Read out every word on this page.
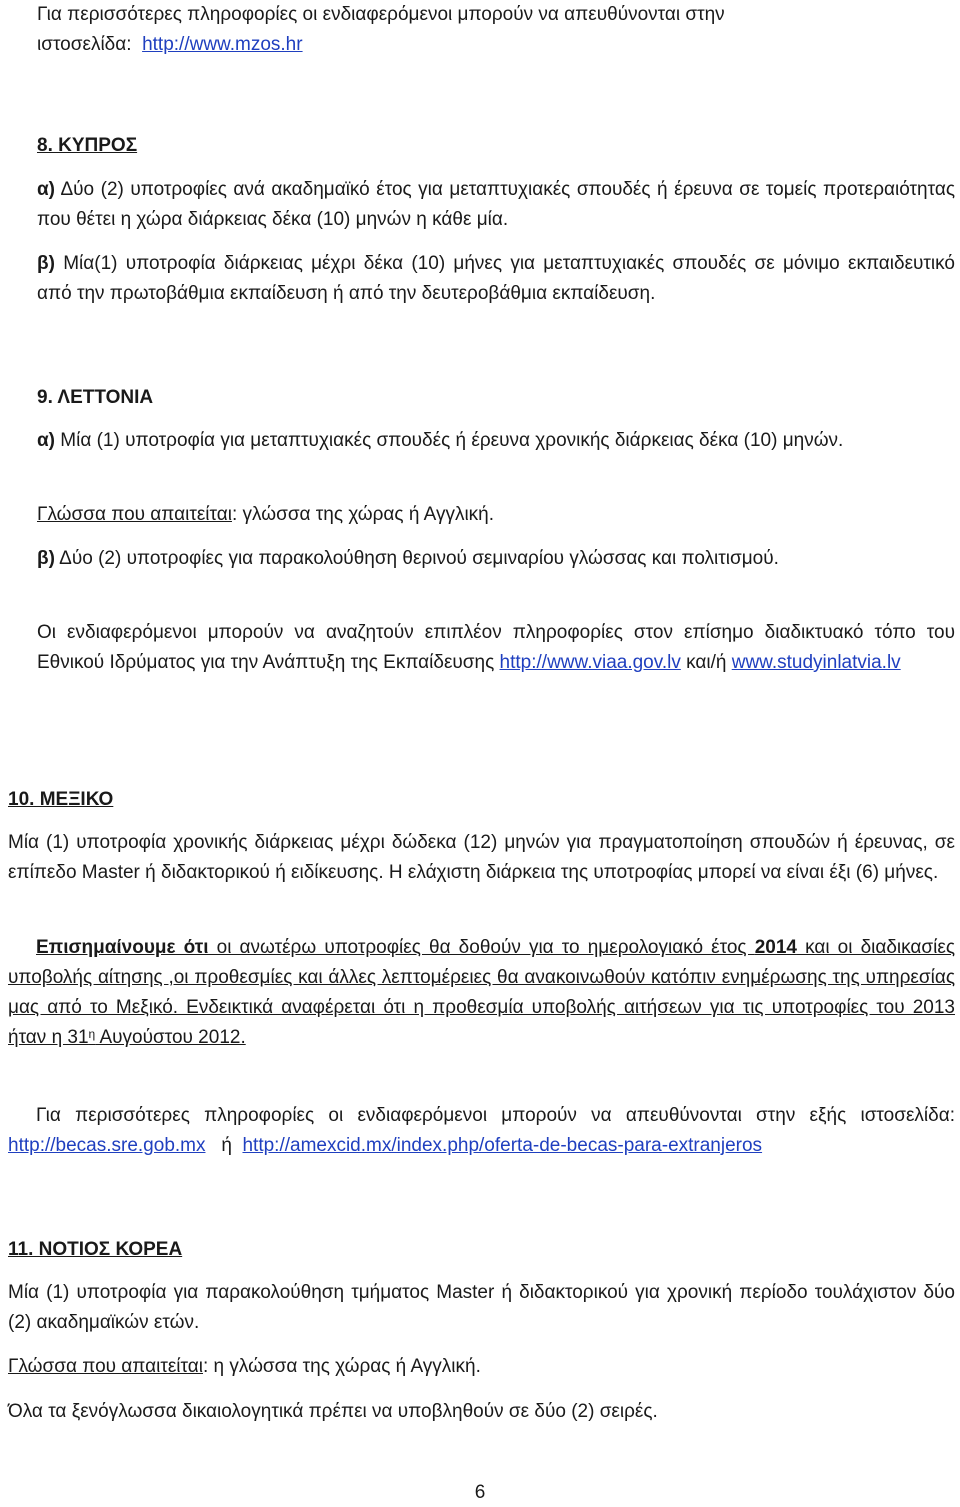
Για περισσότερες πληροφορίες οι ενδιαφερόμενοι μπορούν να απευθύνονται στην

ιστοσελίδα: http://www.mzos.hr

8. ΚΥΠΡΟΣ

α) Δύο (2) υποτροφίες ανά ακαδημαϊκό έτος για μεταπτυχιακές σπουδές ή έρευνα σε τομείς προτεραιότητας που θέτει η χώρα διάρκειας δέκα (10) μηνών η κάθε μία.

β) Μία(1) υποτροφία διάρκειας μέχρι δέκα (10) μήνες για μεταπτυχιακές σπουδές σε μόνιμο εκπαιδευτικό από την πρωτοβάθμια εκπαίδευση ή από την δευτεροβάθμια εκπαίδευση.

9. ΛΕΤΤΟΝΙΑ

α) Μία (1) υποτροφία για μεταπτυχιακές σπουδές ή έρευνα χρονικής διάρκειας δέκα (10) μηνών.

Γλώσσα που απαιτείται: γλώσσα της χώρας ή Αγγλική.

β) Δύο (2) υποτροφίες για παρακολούθηση θερινού σεμιναρίου γλώσσας και πολιτισμού.

Οι ενδιαφερόμενοι μπορούν να αναζητούν επιπλέον πληροφορίες στον επίσημο διαδικτυακό τόπο του Εθνικού Ιδρύματος για την Ανάπτυξη της Εκπαίδευσης http://www.viaa.gov.lv και/ή www.studyinlatvia.lv

10. ΜΕΞΙΚΟ

Μία (1) υποτροφία χρονικής διάρκειας μέχρι δώδεκα (12) μηνών για πραγματοποίηση σπουδών ή έρευνας, σε επίπεδο Master ή διδακτορικού ή ειδίκευσης. Η ελάχιστη διάρκεια της υποτροφίας μπορεί να είναι έξι (6) μήνες.

Επισημαίνουμε ότι οι ανωτέρω υποτροφίες θα δοθούν για το ημερολογιακό έτος 2014 και οι διαδικασίες υποβολής αίτησης ,οι προθεσμίες και άλλες λεπτομέρειες θα ανακοινωθούν κατόπιν ενημέρωσης της υπηρεσίας μας από το Μεξικό. Ενδεικτικά αναφέρεται ότι η προθεσμία υποβολής αιτήσεων για τις υποτροφίες του 2013 ήταν η $31^\eta$ Αυγούστου 2012.

Για περισσότερες πληροφορίες οι ενδιαφερόμενοι μπορούν να απευθύνονται στην εξής ιστοσελίδα: http://becas.sre.gob.mx   ή  http://amexcid.mx/index.php/oferta-de-becas-para-extranjeros

11. ΝΟΤΙΟΣ ΚΟΡΕΑ

Μία (1) υποτροφία για παρακολούθηση τμήματος Master ή διδακτορικού για χρονική περίοδο τουλάχιστον δύο (2) ακαδημαϊκών ετών.

Γλώσσα που απαιτείται: η γλώσσα της χώρας ή Αγγλική.

Όλα τα ξενόγλωσσα δικαιολογητικά πρέπει να υποβληθούν σε δύο (2) σειρές.

6
